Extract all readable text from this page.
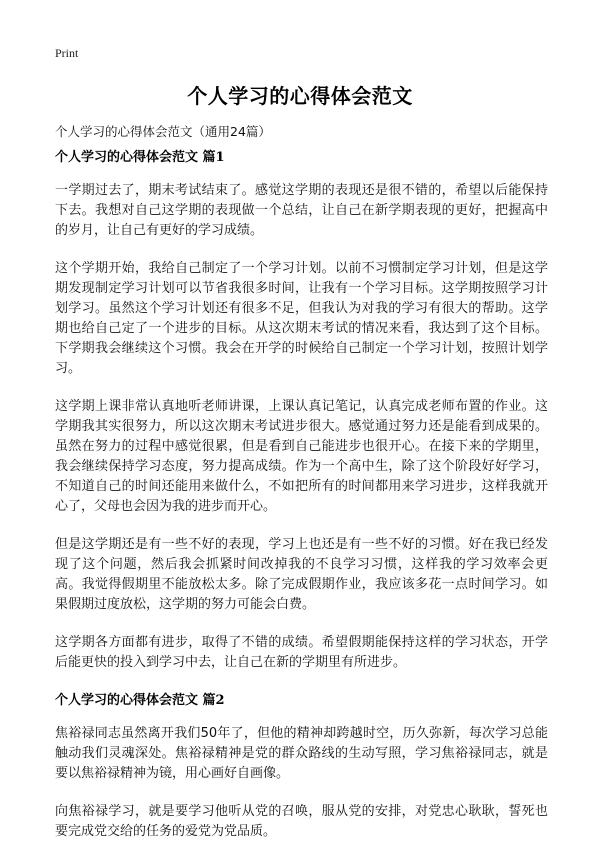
Print
个人学习的心得体会范文
个人学习的心得体会范文（通用24篇）
个人学习的心得体会范文 篇1

一学期过去了，期末考试结束了。感觉这学期的表现还是很不错的，希望以后能保持下去。我想对自己这学期的表现做一个总结，让自己在新学期表现的更好，把握高中的岁月，让自己有更好的学习成绩。

这个学期开始，我给自己制定了一个学习计划。以前不习惯制定学习计划，但是这学期发现制定学习计划可以节省我很多时间，让我有一个学习目标。这学期按照学习计划学习。虽然这个学习计划还有很多不足，但我认为对我的学习有很大的帮助。这学期也给自己定了一个进步的目标。从这次期末考试的情况来看，我达到了这个目标。下学期我会继续这个习惯。我会在开学的时候给自己制定一个学习计划，按照计划学习。

这学期上课非常认真地听老师讲课，上课认真记笔记，认真完成老师布置的作业。这学期我其实很努力，所以这次期末考试进步很大。感觉通过努力还是能看到成果的。虽然在努力的过程中感觉很累，但是看到自己能进步也很开心。在接下来的学期里，我会继续保持学习态度，努力提高成绩。作为一个高中生，除了这个阶段好好学习，不知道自己的时间还能用来做什么，不如把所有的时间都用来学习进步，这样我就开心了，父母也会因为我的进步而开心。

但是这学期还是有一些不好的表现，学习上也还是有一些不好的习惯。好在我已经发现了这个问题，然后我会抓紧时间改掉我的不良学习习惯，这样我的学习效率会更高。我觉得假期里不能放松太多。除了完成假期作业，我应该多花一点时间学习。如果假期过度放松，这学期的努力可能会白费。

这学期各方面都有进步，取得了不错的成绩。希望假期能保持这样的学习状态，开学后能更快的投入到学习中去，让自己在新的学期里有所进步。

个人学习的心得体会范文 篇2

焦裕禄同志虽然离开我们50年了，但他的精神却跨越时空，历久弥新，每次学习总能触动我们灵魂深处。焦裕禄精神是党的群众路线的生动写照，学习焦裕禄同志，就是要以焦裕禄精神为镜，用心画好自画像。

向焦裕禄学习，就是要学习他听从党的召唤，服从党的安排，对党忠心耿耿，誓死也要完成党交给的任务的爱党为党品质。
